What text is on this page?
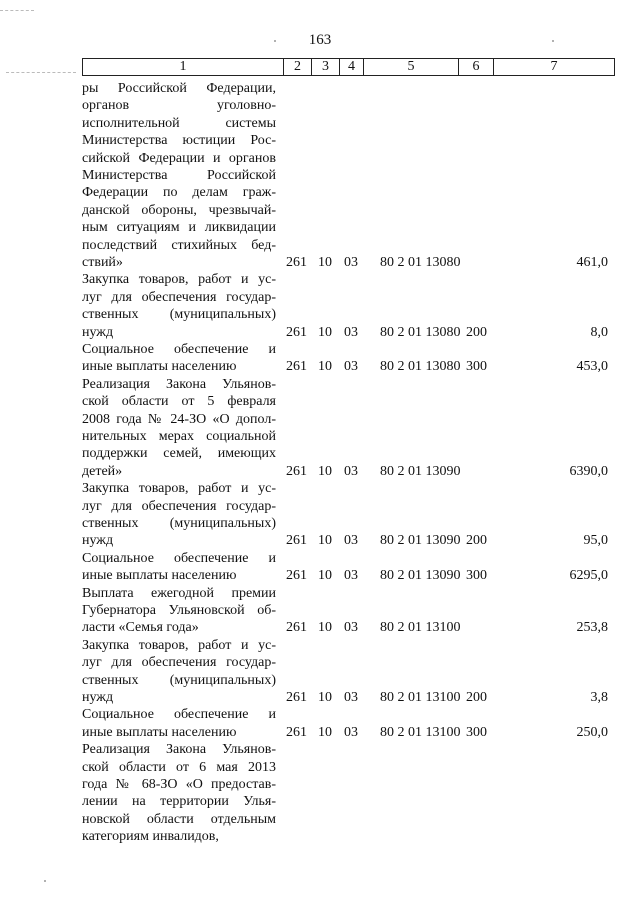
163
1	2	3	4	5	6	7
ры Российской Федерации,
органов уголовно-
исполнительной системы
Министерства юстиции Рос-
сийской Федерации и органов
Министерства Российской
Федерации по делам граж-
данской обороны, чрезвычай-
ным ситуациям и ликвидации
последствий стихийных бед-
ствий»	261 10 03 80 2 01 13080	461,0
Закупка товаров, работ и ус-
луг для обеспечения государ-
ственных (муниципальных)
нужд	261 10 03 80 2 01 13080 200	8,0
Социальное обеспечение и
иные выплаты населению	261 10 03 80 2 01 13080 300	453,0
Реализация Закона Ульянов-
ской области от 5 февраля
2008 года № 24-ЗО «О допол-
нительных мерах социальной
поддержки семей, имеющих
детей»	261 10 03 80 2 01 13090	6390,0
Закупка товаров, работ и ус-
луг для обеспечения государ-
ственных (муниципальных)
нужд	261 10 03 80 2 01 13090 200	95,0
Социальное обеспечение и
иные выплаты населению	261 10 03 80 2 01 13090 300	6295,0
Выплата ежегодной премии
Губернатора Ульяновской об-
ласти «Семья года»	261 10 03 80 2 01 13100	253,8
Закупка товаров, работ и ус-
луг для обеспечения государ-
ственных (муниципальных)
нужд	261 10 03 80 2 01 13100 200	3,8
Социальное обеспечение и
иные выплаты населению	261 10 03 80 2 01 13100 300	250,0
Реализация Закона Ульянов-
ской области от 6 мая 2013
года № 68-ЗО «О предостав-
лении на территории Улья-
новской области отдельным
категориям инвалидов,
